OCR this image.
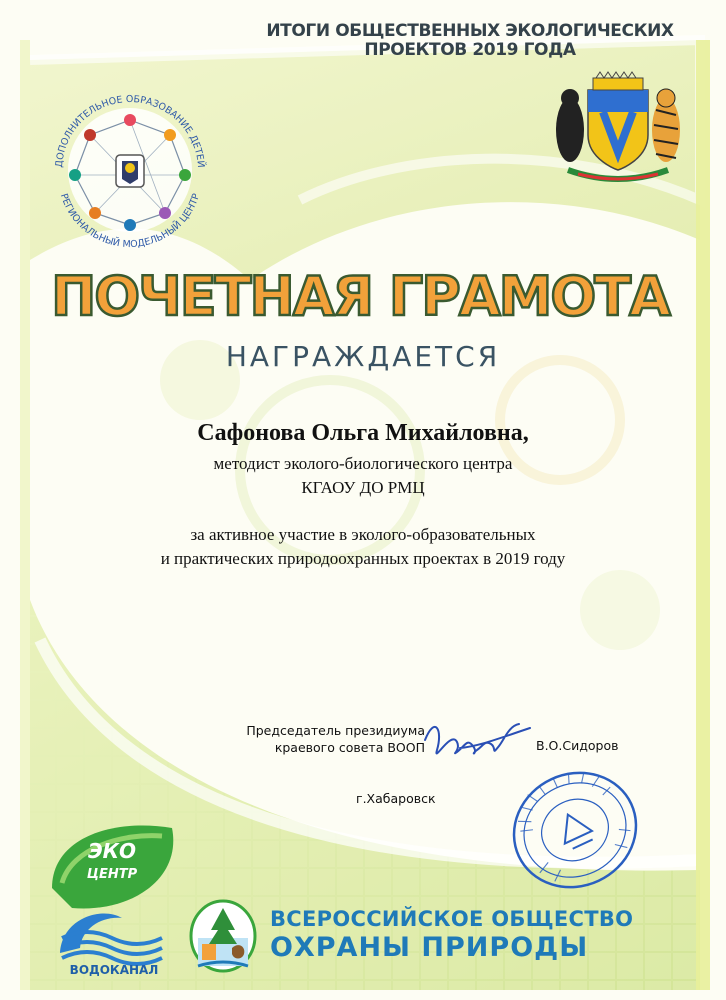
ИТОГИ ОБЩЕСТВЕННЫХ ЭКОЛОГИЧЕСКИХ
ПРОЕКТОВ 2019 ГОДА
ДОПОЛНИТЕЛЬНОЕ ОБРАЗОВАНИЕ ДЕТЕЙ
РЕГИОНАЛЬНЫЙ МОДЕЛЬНЫЙ ЦЕНТР
ПОЧЕТНАЯ ГРАМОТА
НАГРАЖДАЕТСЯ
Сафонова Ольга Михайловна,
методист эколого-биологического центра
КГАОУ ДО РМЦ
за активное участие в эколого-образовательных
и практических природоохранных проектах в 2019 году
Председатель президиума
краевого совета ВООП	В.О.Сидоров
г.Хабаровск
ЭКО
ЦЕНТР
ВОДОКАНАЛ
ВСЕРОССИЙСКОЕ ОБЩЕСТВО
ОХРАНЫ ПРИРОДЫ
